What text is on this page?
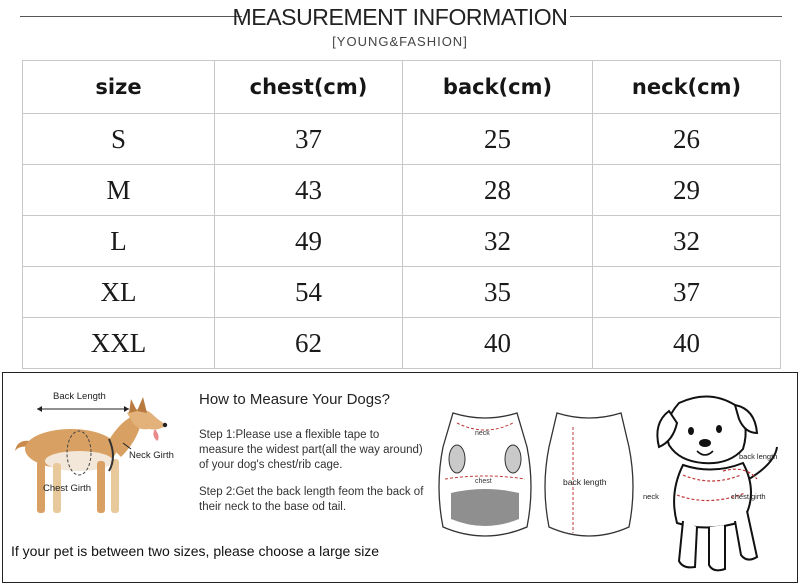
MEASUREMENT INFORMATION
[YOUNG&FASHION]
size	chest(cm)	back(cm)	neck(cm)
S	37	25	26
M	43	28	29
L	49	32	32
XL	54	35	37
XXL	62	40	40
Back Length
Neck Girth
Chest Girth
How to Measure Your Dogs?
Step 1:Please use a flexible tape to measure the widest part(all the way around) of your dog's chest/rib cage.
Step 2:Get the back length feom the back of their neck to the base od tail.
neck
chest	back length
back length
neck	chest girth
If your pet is between two sizes, please choose a large size
